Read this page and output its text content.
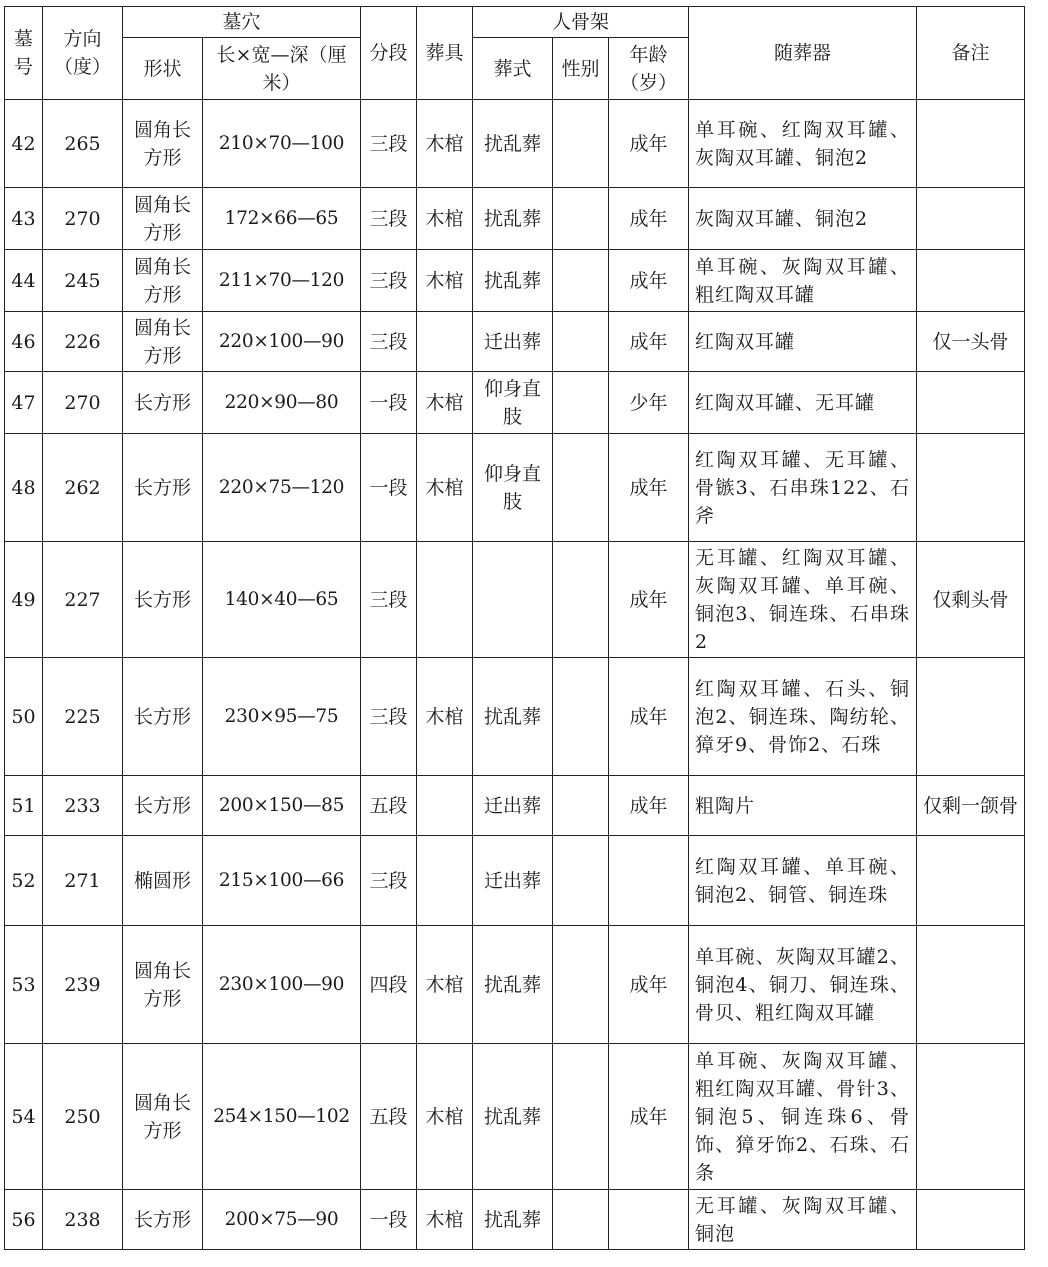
墓号	方向（度）	墓穴		分段	葬具	人骨架			随葬器	备注
		形状	长×宽—深（厘米）			葬式	性别	年龄（岁）		
42	265	圆角长方形	210×70—100	三段	木棺	扰乱葬		成年	单耳碗、红陶双耳罐、灰陶双耳罐、铜泡2	
43	270	圆角长方形	172×66—65	三段	木棺	扰乱葬		成年	灰陶双耳罐、铜泡2	
44	245	圆角长方形	211×70—120	三段	木棺	扰乱葬		成年	单耳碗、灰陶双耳罐、粗红陶双耳罐	
46	226	圆角长方形	220×100—90	三段		迁出葬		成年	红陶双耳罐	仅一头骨
47	270	长方形	220×90—80	一段	木棺	仰身直肢		少年	红陶双耳罐、无耳罐	
48	262	长方形	220×75—120	一段	木棺	仰身直肢		成年	红陶双耳罐、无耳罐、骨镞3、石串珠122、石斧	
49	227	长方形	140×40—65	三段				成年	无耳罐、红陶双耳罐、灰陶双耳罐、单耳碗、铜泡3、铜连珠、石串珠2	仅剩头骨
50	225	长方形	230×95—75	三段	木棺	扰乱葬		成年	红陶双耳罐、石头、铜泡2、铜连珠、陶纺轮、獐牙9、骨饰2、石珠	
51	233	长方形	200×150—85	五段		迁出葬		成年	粗陶片	仅剩一颌骨
52	271	椭圆形	215×100—66	三段		迁出葬			红陶双耳罐、单耳碗、铜泡2、铜管、铜连珠	
53	239	圆角长方形	230×100—90	四段	木棺	扰乱葬		成年	单耳碗、灰陶双耳罐2、铜泡4、铜刀、铜连珠、骨贝、粗红陶双耳罐	
54	250	圆角长方形	254×150—102	五段	木棺	扰乱葬		成年	单耳碗、灰陶双耳罐、粗红陶双耳罐、骨针3、铜泡5、铜连珠6、骨饰、獐牙饰2、石珠、石条	
56	238	长方形	200×75—90	一段	木棺	扰乱葬			无耳罐、灰陶双耳罐、铜泡	
